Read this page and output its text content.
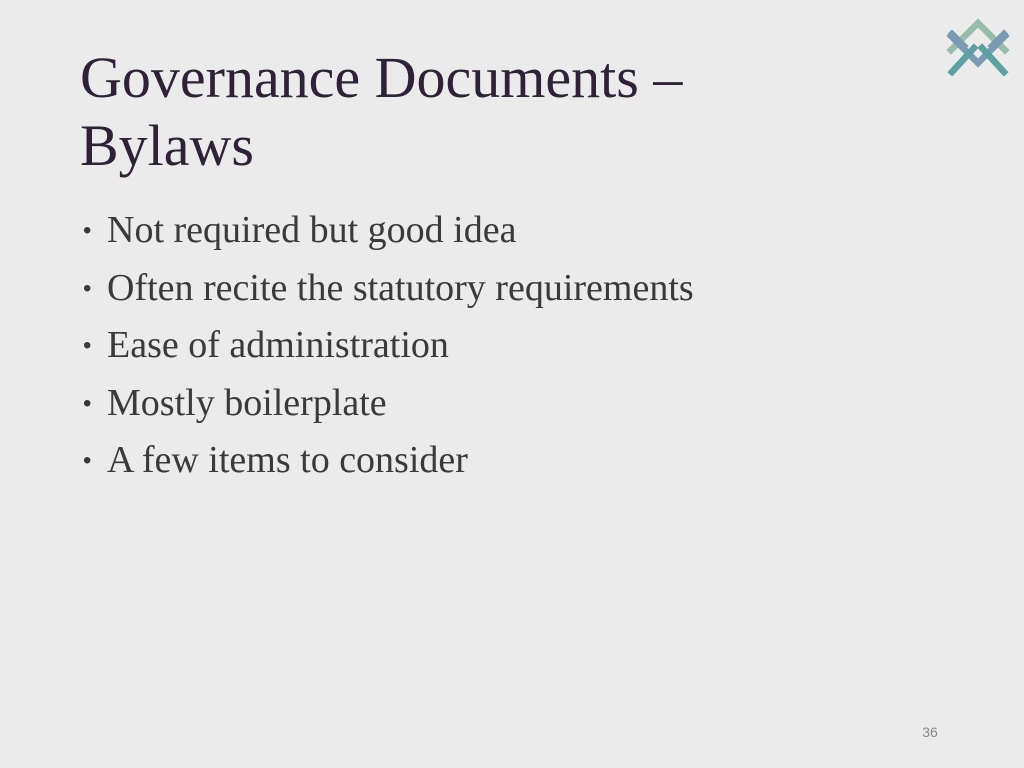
Governance Documents –
Bylaws
• Not required but good idea
• Often recite the statutory requirements
• Ease of administration
• Mostly boilerplate
• A few items to consider
36
